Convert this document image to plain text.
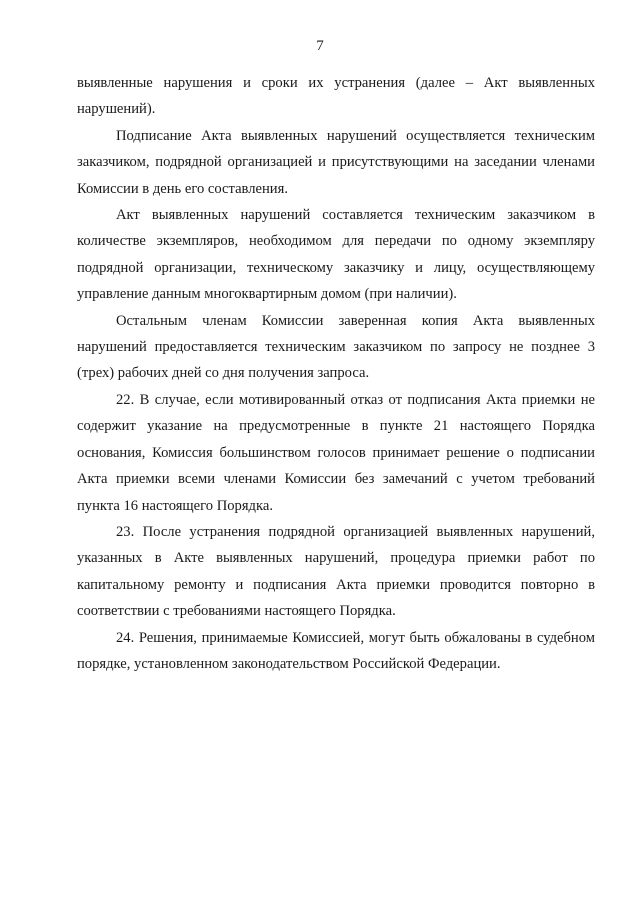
7

выявленные нарушения и сроки их устранения (далее – Акт выявленных нарушений).

Подписание Акта выявленных нарушений осуществляется техническим заказчиком, подрядной организацией и присутствующими на заседании членами Комиссии в день его составления.

Акт выявленных нарушений составляется техническим заказчиком в количестве экземпляров, необходимом для передачи по одному экземпляру подрядной организации, техническому заказчику и лицу, осуществляющему управление данным многоквартирным домом (при наличии).

Остальным членам Комиссии заверенная копия Акта выявленных нарушений предоставляется техническим заказчиком по запросу не позднее 3 (трех) рабочих дней со дня получения запроса.

22. В случае, если мотивированный отказ от подписания Акта приемки не содержит указание на предусмотренные в пункте 21 настоящего Порядка основания, Комиссия большинством голосов принимает решение о подписании Акта приемки всеми членами Комиссии без замечаний с учетом требований пункта 16 настоящего Порядка.

23. После устранения подрядной организацией выявленных нарушений, указанных в Акте выявленных нарушений, процедура приемки работ по капитальному ремонту и подписания Акта приемки проводится повторно в соответствии с требованиями настоящего Порядка.

24. Решения, принимаемые Комиссией, могут быть обжалованы в судебном порядке, установленном законодательством Российской Федерации.
